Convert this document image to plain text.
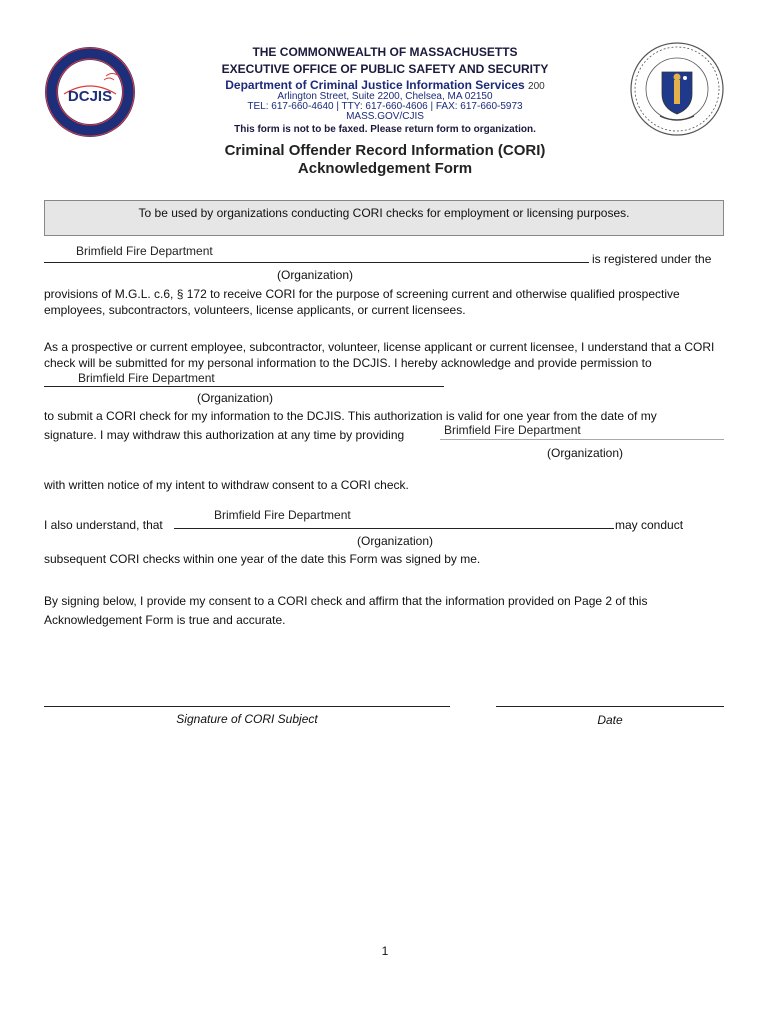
DCJIS
THE COMMONWEALTH OF MASSACHUSETTS
EXECUTIVE OFFICE OF PUBLIC SAFETY AND SECURITY
Department of Criminal Justice Information Services 200
Arlington Street, Suite 2200, Chelsea, MA 02150
TEL: 617-660-4640 | TTY: 617-660-4606 | FAX: 617-660-5973
MASS.GOV/CJIS
This form is not to be faxed. Please return form to organization.
Criminal Offender Record Information (CORI)
Acknowledgement Form
To be used by organizations conducting CORI checks for employment or licensing purposes.
Brimfield Fire Department
is registered under the
(Organization)
provisions of M.G.L. c.6, § 172 to receive CORI for the purpose of screening current and otherwise qualified prospective employees, subcontractors, volunteers, license applicants, or current licensees.
As a prospective or current employee, subcontractor, volunteer, license applicant or current licensee, I understand that a CORI check will be submitted for my personal information to the DCJIS. I hereby acknowledge and provide permission to
Brimfield Fire Department
(Organization)
to submit a CORI check for my information to the DCJIS. This authorization is valid for one year from the date of my
signature. I may withdraw this authorization at any time by providing	Brimfield Fire Department
(Organization)
with written notice of my intent to withdraw consent to a CORI check.
I also understand, that
Brimfield Fire Department
may conduct
(Organization)
subsequent CORI checks within one year of the date this Form was signed by me.
By signing below, I provide my consent to a CORI check and affirm that the information provided on Page 2 of this Acknowledgement Form is true and accurate.
Signature of CORI Subject	Date
1
